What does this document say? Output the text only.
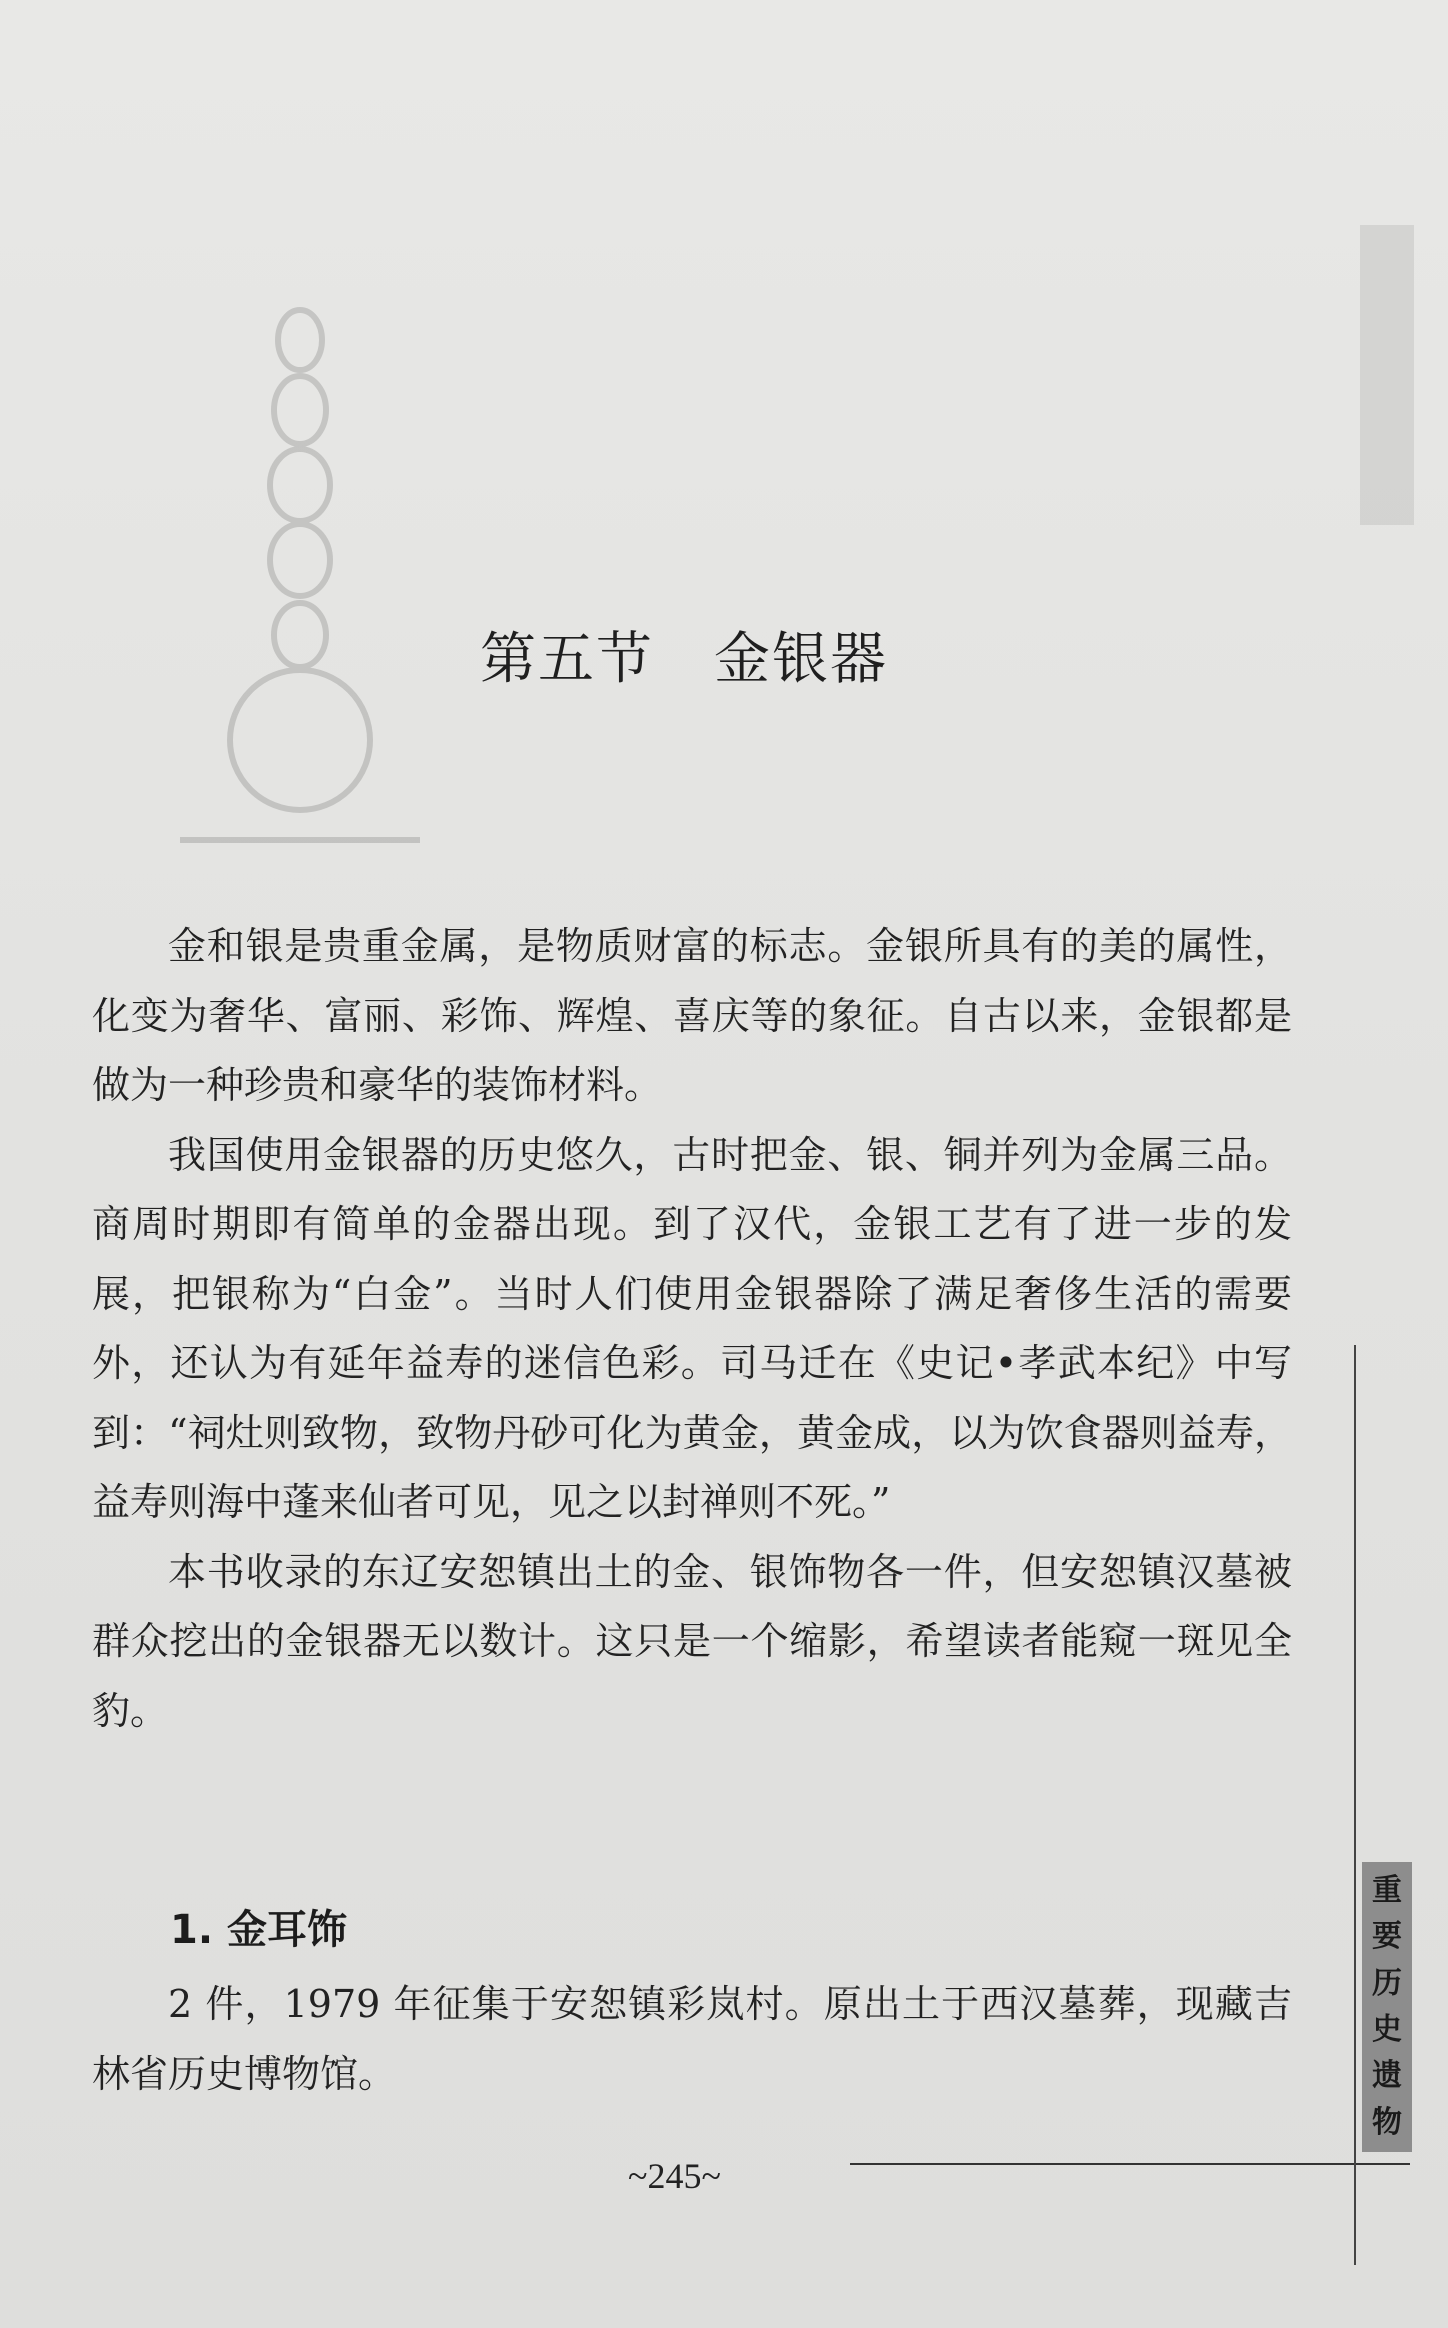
第五节 金银器

金和银是贵重金属，是物质财富的标志。金银所具有的美的属性，化变为奢华、富丽、彩饰、辉煌、喜庆等的象征。自古以来，金银都是做为一种珍贵和豪华的装饰材料。

我国使用金银器的历史悠久，古时把金、银、铜并列为金属三品。商周时期即有简单的金器出现。到了汉代，金银工艺有了进一步的发展，把银称为“白金”。当时人们使用金银器除了满足奢侈生活的需要外，还认为有延年益寿的迷信色彩。司马迁在《史记•孝武本纪》中写到：“祠灶则致物，致物丹砂可化为黄金，黄金成，以为饮食器则益寿，益寿则海中蓬来仙者可见，见之以封禅则不死。”

本书收录的东辽安恕镇出土的金、银饰物各一件，但安恕镇汉墓被群众挖出的金银器无以数计。这只是一个缩影，希望读者能窥一斑见全豹。

1. 金耳饰

2 件，1979 年征集于安恕镇彩岚村。原出土于西汉墓葬，现藏吉林省历史博物馆。

~245~
重
要
历
史
遗
物
